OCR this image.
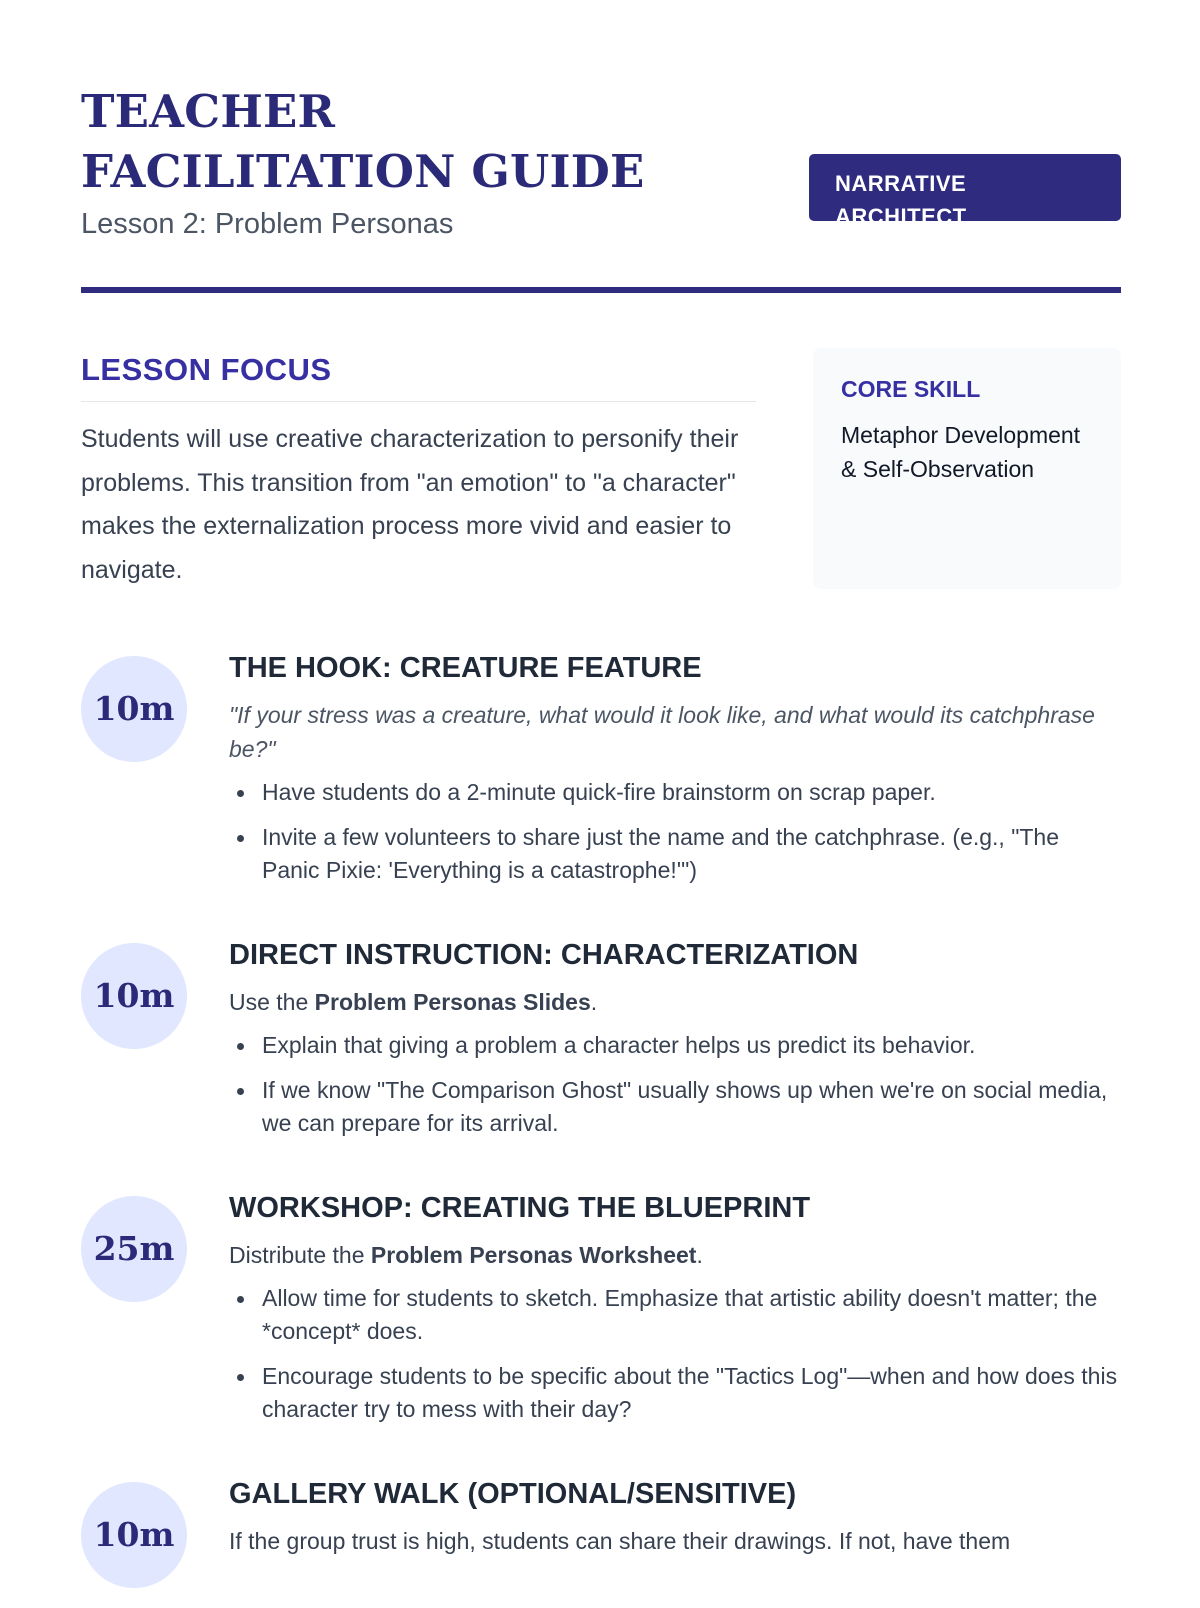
TEACHER FACILITATION GUIDE
Lesson 2: Problem Personas
NARRATIVE ARCHITECT
LESSON FOCUS

Students will use creative characterization to personify their problems. This transition from "an emotion" to "a character" makes the externalization process more vivid and easier to navigate.

CORE SKILL
Metaphor Development & Self-Observation
10m
THE HOOK: CREATURE FEATURE

"If your stress was a creature, what would it look like, and what would its catchphrase be?"

Have students do a 2-minute quick-fire brainstorm on scrap paper.
Invite a few volunteers to share just the name and the catchphrase. (e.g., "The Panic Pixie: 'Everything is a catastrophe!'")
10m
DIRECT INSTRUCTION: CHARACTERIZATION

Use the Problem Personas Slides.

Explain that giving a problem a character helps us predict its behavior.
If we know "The Comparison Ghost" usually shows up when we're on social media, we can prepare for its arrival.
25m
WORKSHOP: CREATING THE BLUEPRINT

Distribute the Problem Personas Worksheet.

Allow time for students to sketch. Emphasize that artistic ability doesn't matter; the *concept* does.
Encourage students to be specific about the "Tactics Log"—when and how does this character try to mess with their day?
10m
GALLERY WALK (OPTIONAL/SENSITIVE)

If the group trust is high, students can share their drawings. If not, have them
